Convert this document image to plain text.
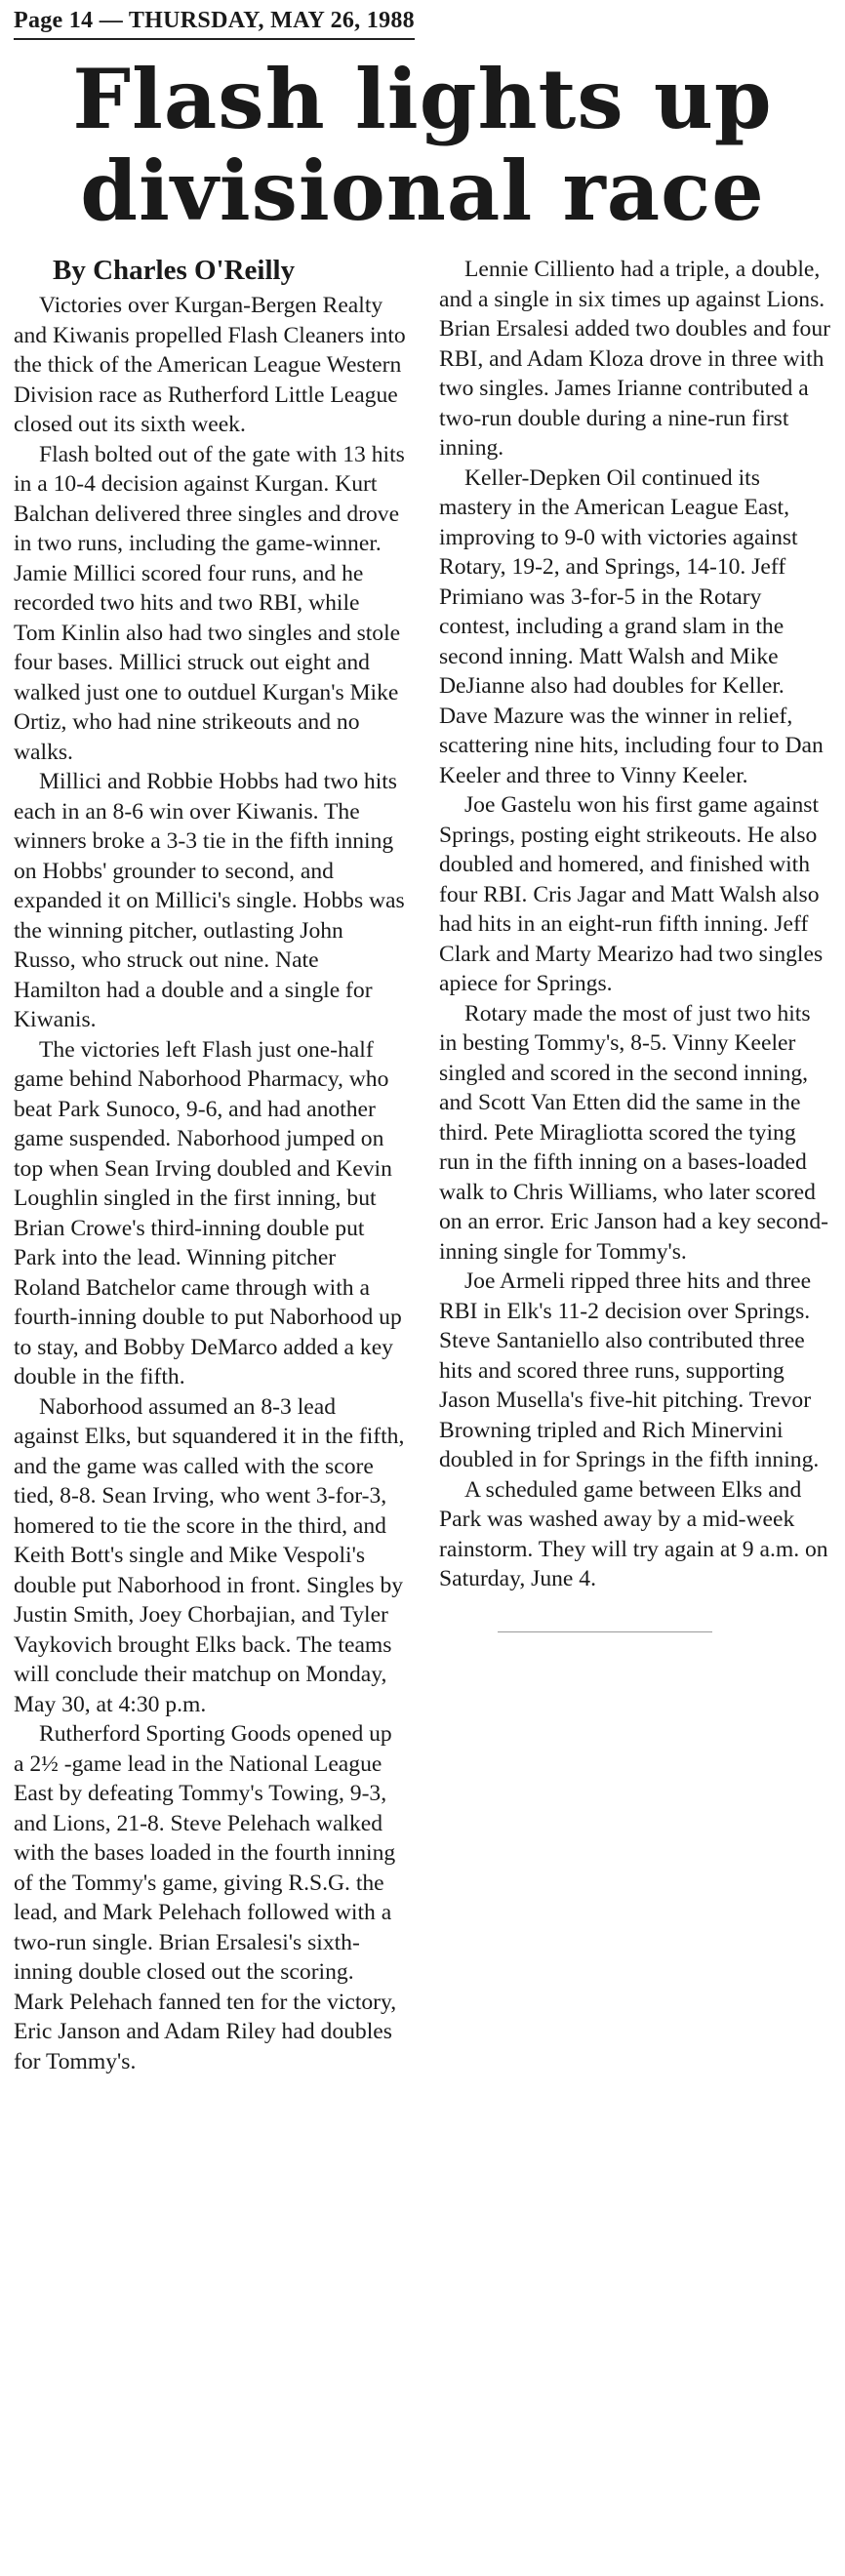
Page 14 — THURSDAY, MAY 26, 1988
Flash lights up
divisional race
By Charles O'Reilly

Victories over Kurgan-Bergen Realty and Kiwanis propelled Flash Cleaners into the thick of the American League Western Division race as Rutherford Little League closed out its sixth week.

Flash bolted out of the gate with 13 hits in a 10-4 decision against Kurgan. Kurt Balchan delivered three singles and drove in two runs, including the game-winner. Jamie Millici scored four runs, and he recorded two hits and two RBI, while Tom Kinlin also had two singles and stole four bases. Millici struck out eight and walked just one to outduel Kurgan's Mike Ortiz, who had nine strikeouts and no walks.

Millici and Robbie Hobbs had two hits each in an 8-6 win over Kiwanis. The winners broke a 3-3 tie in the fifth inning on Hobbs' grounder to second, and expanded it on Millici's single. Hobbs was the winning pitcher, outlasting John Russo, who struck out nine. Nate Hamilton had a double and a single for Kiwanis.

The victories left Flash just one-half game behind Naborhood Pharmacy, who beat Park Sunoco, 9-6, and had another game suspended. Naborhood jumped on top when Sean Irving doubled and Kevin Loughlin singled in the first inning, but Brian Crowe's third-inning double put Park into the lead. Winning pitcher Roland Batchelor came through with a fourth-inning double to put Naborhood up to stay, and Bobby DeMarco added a key double in the fifth.

Naborhood assumed an 8-3 lead against Elks, but squandered it in the fifth, and the game was called with the score tied, 8-8. Sean Irving, who went 3-for-3, homered to tie the score in the third, and Keith Bott's single and Mike Vespoli's double put Naborhood in front. Singles by Justin Smith, Joey Chorbajian, and Tyler Vaykovich brought Elks back. The teams will conclude their matchup on Monday, May 30, at 4:30 p.m.

Rutherford Sporting Goods opened up a 2½ -game lead in the National League East by defeating Tommy's Towing, 9-3, and Lions, 21-8. Steve Pelehach walked with the bases loaded in the fourth inning of the Tommy's game, giving R.S.G. the lead, and Mark Pelehach followed with a two-run single. Brian Ersalesi's sixth-inning double closed out the scoring. Mark Pelehach fanned ten for the victory, Eric Janson and Adam Riley had doubles for Tommy's.

Lennie Cilliento had a triple, a double, and a single in six times up against Lions. Brian Ersalesi added two doubles and four RBI, and Adam Kloza drove in three with two singles. James Irianne contributed a two-run double during a nine-run first inning.

Keller-Depken Oil continued its mastery in the American League East, improving to 9-0 with victories against Rotary, 19-2, and Springs, 14-10. Jeff Primiano was 3-for-5 in the Rotary contest, including a grand slam in the second inning. Matt Walsh and Mike DeJianne also had doubles for Keller. Dave Mazure was the winner in relief, scattering nine hits, including four to Dan Keeler and three to Vinny Keeler.

Joe Gastelu won his first game against Springs, posting eight strikeouts. He also doubled and homered, and finished with four RBI. Cris Jagar and Matt Walsh also had hits in an eight-run fifth inning. Jeff Clark and Marty Mearizo had two singles apiece for Springs.

Rotary made the most of just two hits in besting Tommy's, 8-5. Vinny Keeler singled and scored in the second inning, and Scott Van Etten did the same in the third. Pete Miragliotta scored the tying run in the fifth inning on a bases-loaded walk to Chris Williams, who later scored on an error. Eric Janson had a key second-inning single for Tommy's.

Joe Armeli ripped three hits and three RBI in Elk's 11-2 decision over Springs. Steve Santaniello also contributed three hits and scored three runs, supporting Jason Musella's five-hit pitching. Trevor Browning tripled and Rich Minervini doubled in for Springs in the fifth inning.

A scheduled game between Elks and Park was washed away by a mid-week rainstorm. They will try again at 9 a.m. on Saturday, June 4.
